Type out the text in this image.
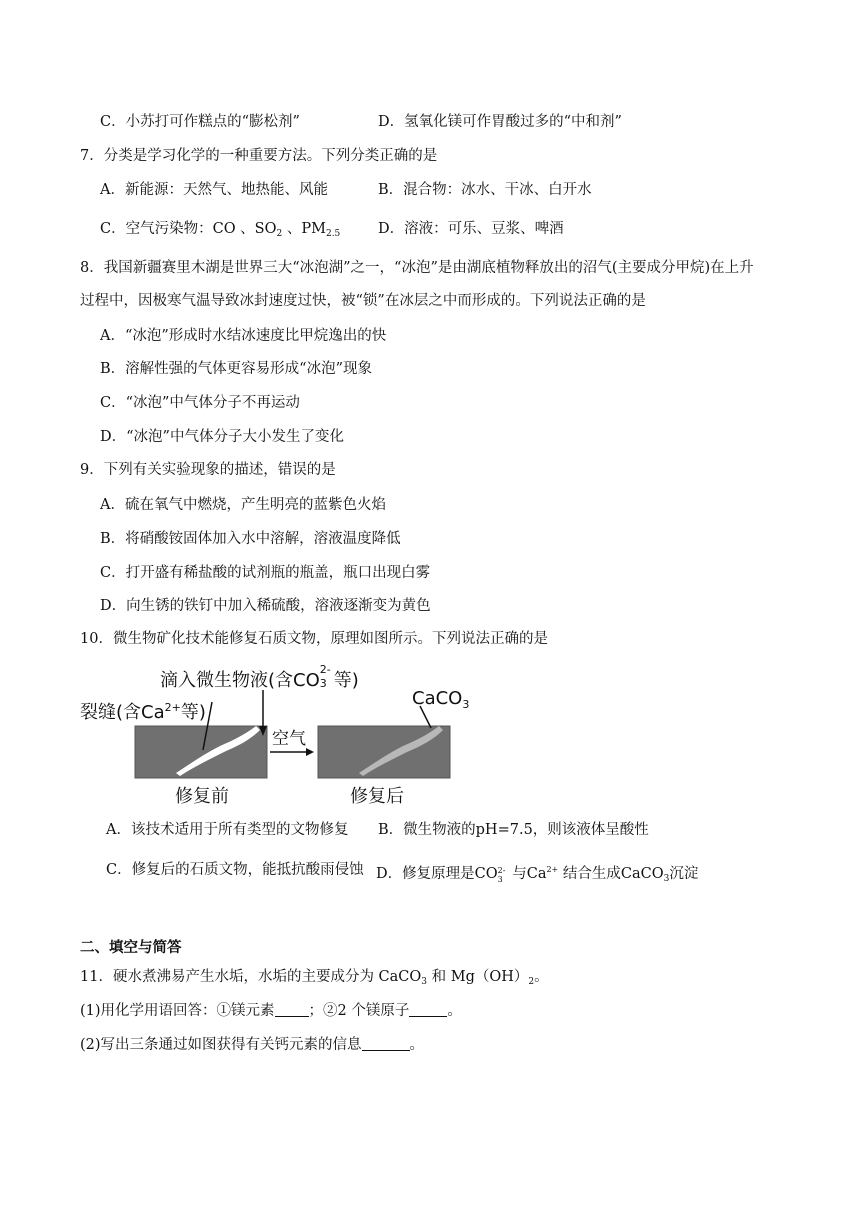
C．小苏打可作糕点的“膨松剂”	D．氢氧化镁可作胃酸过多的“中和剂”
7．分类是学习化学的一种重要方法。下列分类正确的是
A．新能源：天然气、地热能、风能	B．混合物：冰水、干冰、白开水
C．空气污染物：CO 、$SO_2$ 、$PM_{2.5}$	D．溶液：可乐、豆浆、啤酒
8．我国新疆赛里木湖是世界三大“冰泡湖”之一，“冰泡”是由湖底植物释放出的沼气(主要成分甲烷)在上升
过程中，因极寒气温导致冰封速度过快，被“锁”在冰层之中而形成的。下列说法正确的是
A．“冰泡”形成时水结冰速度比甲烷逸出的快
B．溶解性强的气体更容易形成“冰泡”现象
C．“冰泡”中气体分子不再运动
D．“冰泡”中气体分子大小发生了变化
9．下列有关实验现象的描述，错误的是
A．硫在氧气中燃烧，产生明亮的蓝紫色火焰
B．将硝酸铵固体加入水中溶解，溶液温度降低
C．打开盛有稀盐酸的试剂瓶的瓶盖，瓶口出现白雾
D．向生锈的铁钉中加入稀硫酸，溶液逐渐变为黄色
10．微生物矿化技术能修复石质文物，原理如图所示。下列说法正确的是
滴入微生物液(含CO
2-
3 等)
裂缝(含$Ca^{2+}$等)
CaCO$_3$
空气
修复前	修复后
A．该技术适用于所有类型的文物修复 B．微生物液的pH=7.5，则该液体呈酸性
C．修复后的石质文物，能抵抗酸雨侵蚀 D．修复原理是CO 2-
3 与$Ca^{2+}$ 结合生成CaCO$_3$沉淀
二、填空与简答
11．硬水煮沸易产生水垢，水垢的主要成分为 CaCO$_3$ 和 $Mg(OH)_2$。
(1)用化学用语回答：①镁元素 ；②2 个镁原子	。
(2)写出三条通过如图获得有关钙元素的信息	。
